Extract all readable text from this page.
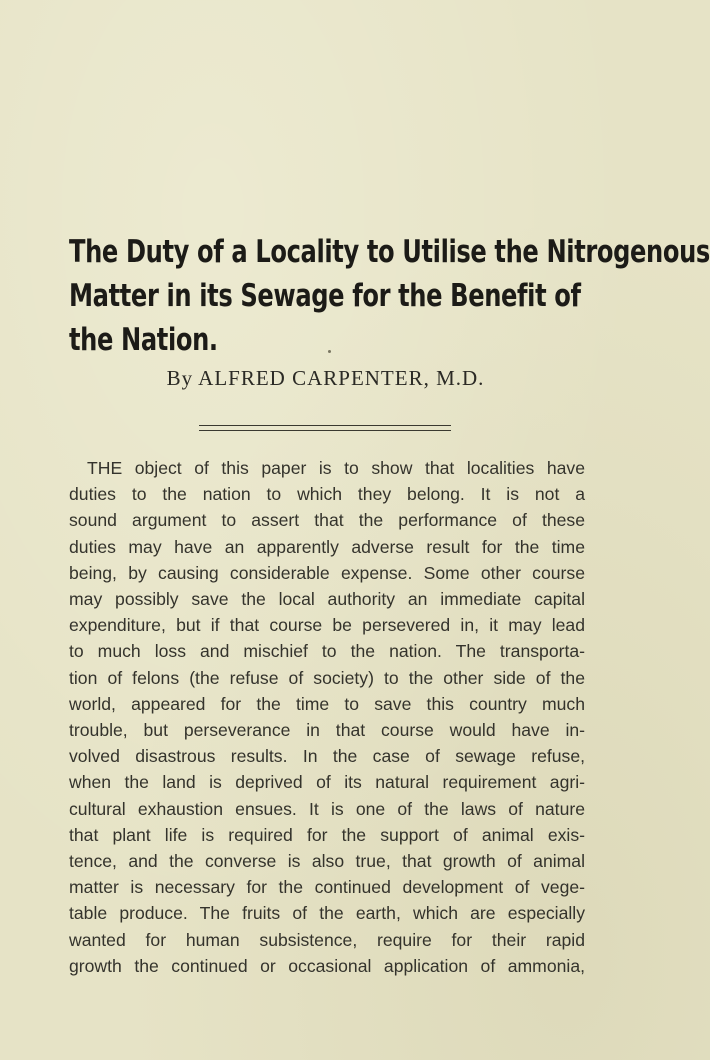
The Duty of a Locality to Utilise the Nitrogenous
Matter in its Sewage for the Benefit of
the Nation.
By ALFRED CARPENTER, M.D.

THE object of this paper is to show that localities have
duties to the nation to which they belong. It is not a
sound argument to assert that the performance of these
duties may have an apparently adverse result for the time
being, by causing considerable expense. Some other course
may possibly save the local authority an immediate capital
expenditure, but if that course be persevered in, it may lead
to much loss and mischief to the nation. The transporta-
tion of felons (the refuse of society) to the other side of the
world, appeared for the time to save this country much
trouble, but perseverance in that course would have in-
volved disastrous results. In the case of sewage refuse,
when the land is deprived of its natural requirement agri-
cultural exhaustion ensues. It is one of the laws of nature
that plant life is required for the support of animal exis-
tence, and the converse is also true, that growth of animal
matter is necessary for the continued development of vege-
table produce. The fruits of the earth, which are especially
wanted for human subsistence, require for their rapid
growth the continued or occasional application of ammonia,
